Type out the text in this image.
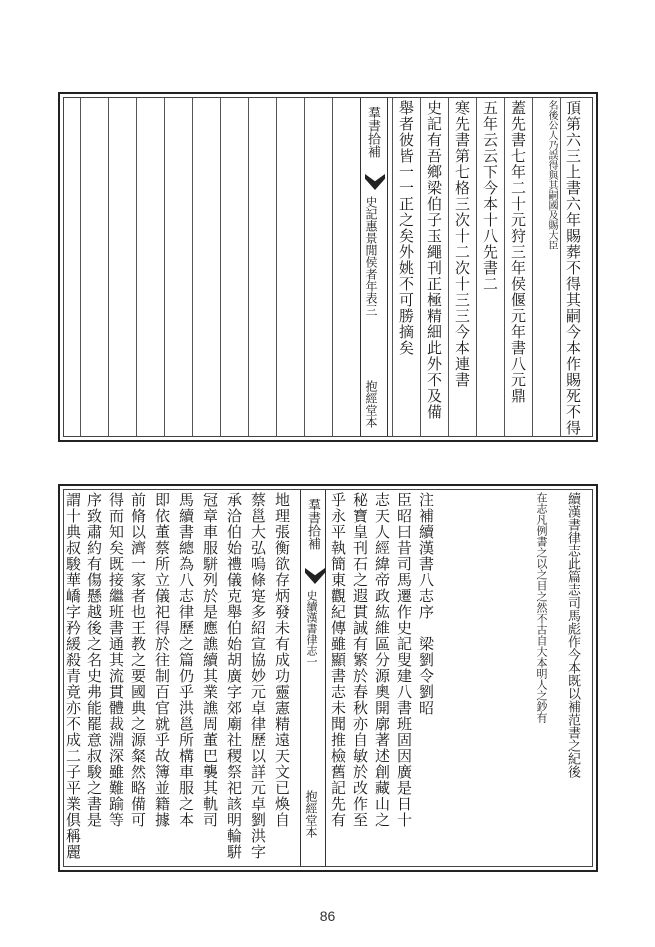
頂第六三上書六年賜葬不得其嗣今本作賜死不得
名後公人乃誤得與其嗣國及賜大臣
蓋先書七年二十元狩三年侯偃元年書八元鼎
五年云云下今本十八先書二
寒先書第七格三次十二次十三三今本連書
史記有吾鄉梁伯子玉繩刊正極精細此外不及備
舉者彼皆一一正之矣外姚不可勝摘矣
羣書拾補
史記惠景閒侯者年表三
抱經堂本
續漢書律志此篇志司馬彪作今本既以補范書之紀後
在志凡例書之以之目之然不古自大本明人之鈔有
注補續漢書八志序　梁劉令劉昭
臣昭曰昔司馬遷作史記叟建八書班固因廣是日十
志天人經緯帝政紘維區分源奧開廓著述創藏山之
秘寶皇刊石之遐貫誠有繁於春秋亦自敏於改作至
乎永平執簡東觀紀傳雖顯書志未聞推檢舊記先有
羣書拾補
史續漢書律志一
抱經堂本
地理張衡欲存炳發未有成功靈憲精遠天文已煥自
蔡邕大弘嗚條寔多紹宣協妙元卓律歷以詳元卓劉洪字
承洽伯始禮儀克舉伯始胡廣字郊廟社稷祭祀該明輪騈
冠章車服駢列於是應譙續其業譙周董巴襲其軌司
馬續書總為八志律歷之篇仍乎洪邕所構車服之本
即依董蔡所立儀祀得於往制百官就乎故簿並籍據
前脩以濟一家者也王教之要國典之源粲然略備可
得而知矣既接繼班書通其流貫體裁淵深雖難踰等
序致肅約有傷懸越後之名史弗能罷意叔駿之書是
謂十典叔駿華嶠字矜緩殺青竟亦不成二子平業俱稱麗
86
